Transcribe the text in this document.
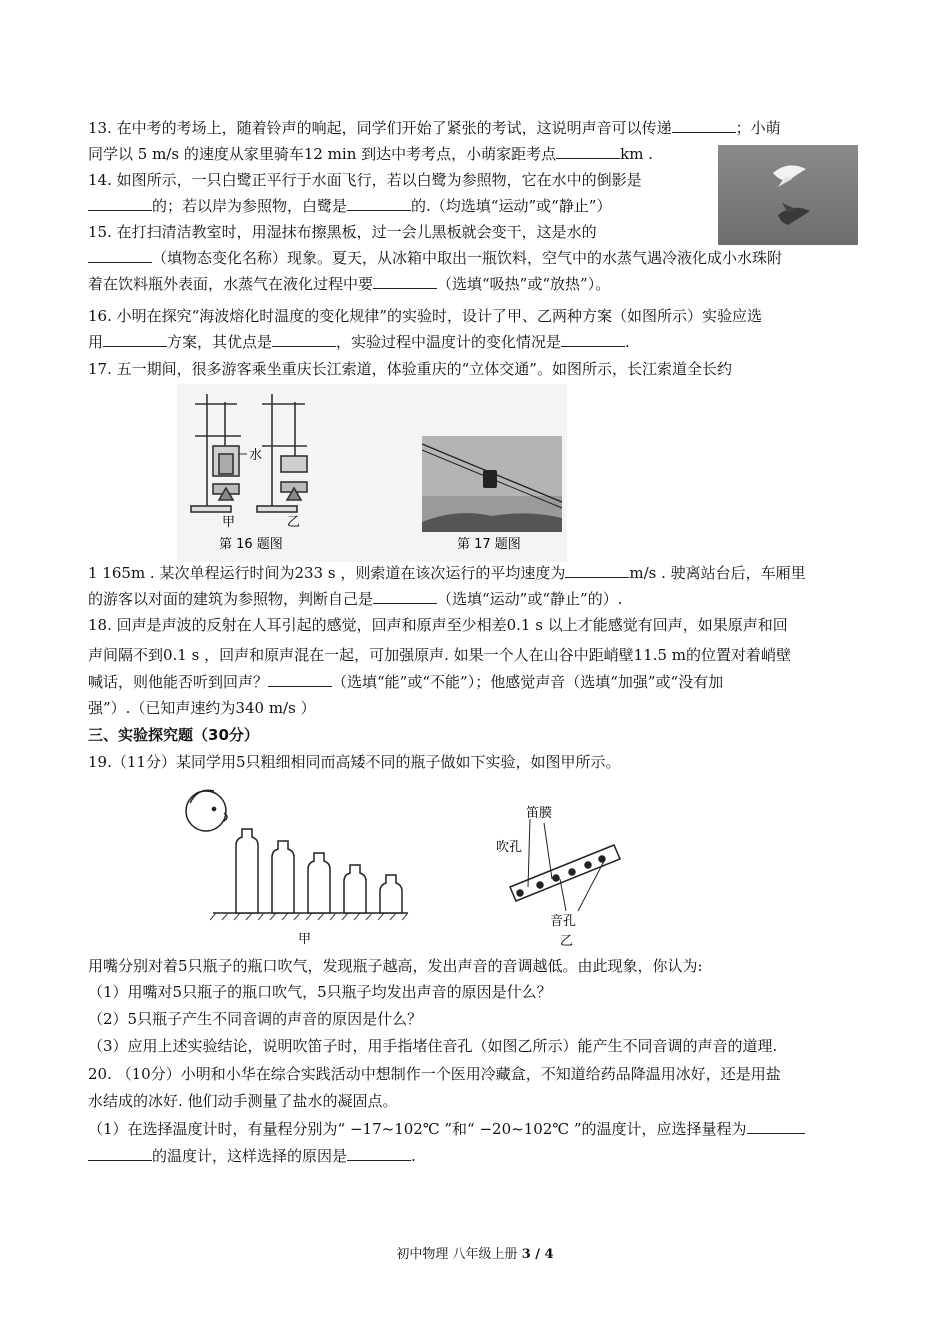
13. 在中考的考场上，随着铃声的响起，同学们开始了紧张的考试，这说明声音可以传递	；小萌
同学以 5 m/s 的速度从家里骑车12 min 到达中考考点，小萌家距考点	km .
14. 如图所示，一只白鹭正平行于水面飞行，若以白鹭为参照物，它在水中的倒影是
的；若以岸为参照物，白鹭是	的.（均选填“运动”或“静止”）
15. 在打扫清洁教室时，用湿抹布擦黑板，过一会儿黑板就会变干，这是水的
（填物态变化名称）现象。夏天，从冰箱中取出一瓶饮料，空气中的水蒸气遇冷液化成小水珠附
着在饮料瓶外表面，水蒸气在液化过程中要	（选填“吸热”或“放热”）。
16. 小明在探究“海波熔化时温度的变化规律”的实验时，设计了甲、乙两种方案（如图所示）实验应选
用	方案，其优点是	，实验过程中温度计的变化情况是	.
17. 五一期间，很多游客乘坐重庆长江索道，体验重庆的“立体交通”。如图所示，长江索道全长约
水
甲	乙
第 16 题图	第 17 题图
1 165m . 某次单程运行时间为233 s ，则索道在该次运行的平均速度为	m/s . 驶离站台后，车厢里
的游客以对面的建筑为参照物，判断自己是	（选填“运动”或“静止”的）.
18. 回声是声波的反射在人耳引起的感觉，回声和原声至少相差0.1 s 以上才能感觉有回声，如果原声和回
声间隔不到0.1 s ，回声和原声混在一起，可加强原声. 如果一个人在山谷中距峭壁11.5 m的位置对着峭壁
喊话，则他能否听到回声？	（选填“能”或“不能”）；他感觉声音（选填“加强”或“没有加
强”）.（已知声速约为340 m/s ）
三、实验探究题（30分）
19.（11分）某同学用5只粗细相同而高矮不同的瓶子做如下实验，如图甲所示。
甲
笛膜
吹孔
音孔
乙
用嘴分别对着5只瓶子的瓶口吹气，发现瓶子越高，发出声音的音调越低。由此现象，你认为:
（1）用嘴对5只瓶子的瓶口吹气，5只瓶子均发出声音的原因是什么？
（2）5只瓶子产生不同音调的声音的原因是什么？
（3）应用上述实验结论，说明吹笛子时，用手指堵住音孔（如图乙所示）能产生不同音调的声音的道理.
20. （10分）小明和小华在综合实践活动中想制作一个医用冷藏盒，不知道给药品降温用冰好，还是用盐
水结成的冰好. 他们动手测量了盐水的凝固点。
（1）在选择温度计时，有量程分别为“ −17~102℃ ”和“ −20~102℃ ”的温度计，应选择量程为
的温度计，这样选择的原因是	.
初中物理 八年级上册 3 / 4
